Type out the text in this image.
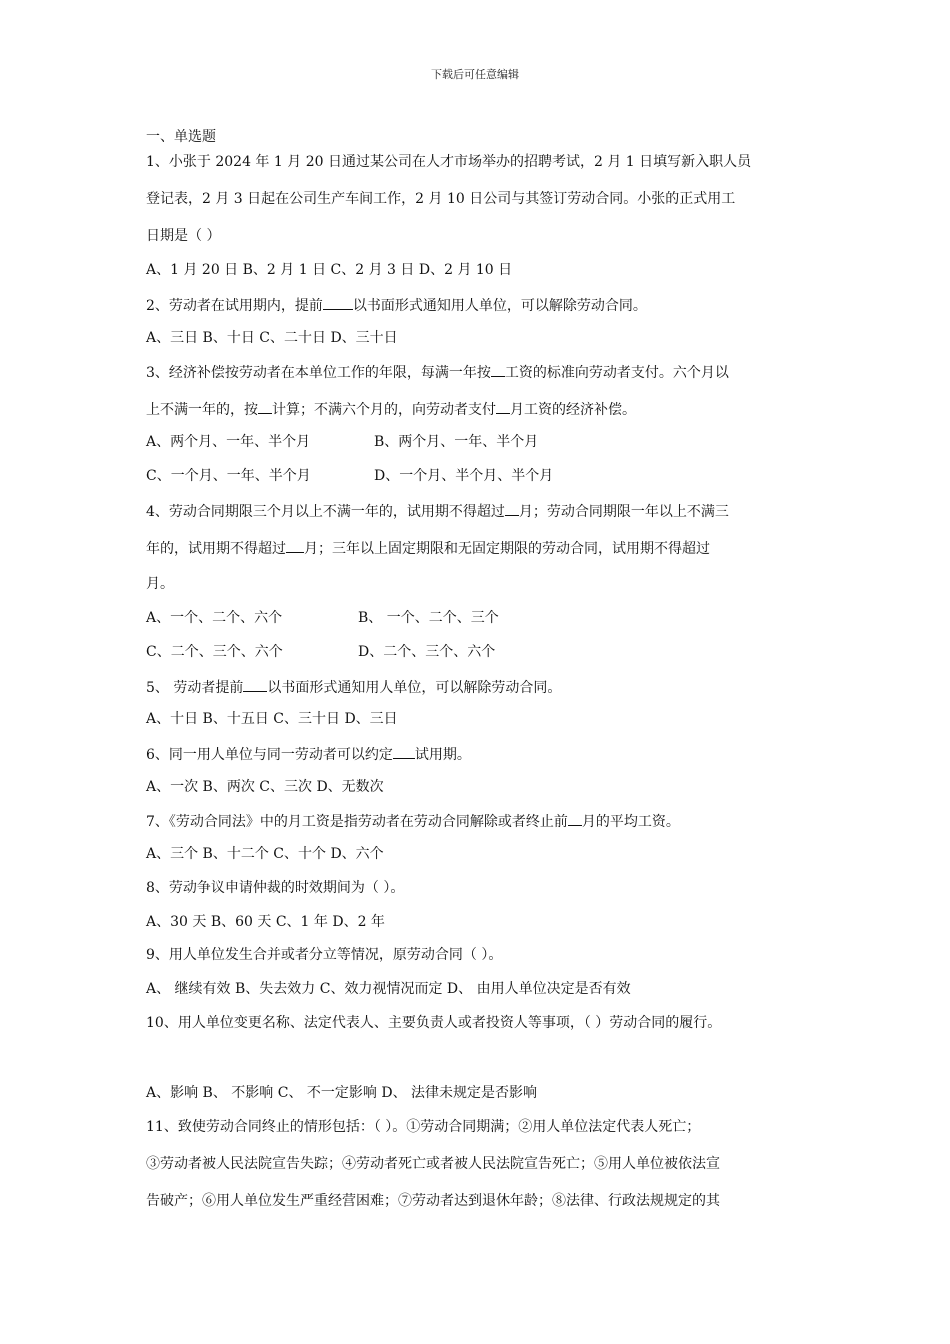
下载后可任意编辑
一、单选题
1、小张于 2024 年 1 月 20 日通过某公司在人才市场举办的招聘考试，2 月 1 日填写新入职人员
登记表，2 月 3 日起在公司生产车间工作，2 月 10 日公司与其签订劳动合同。小张的正式用工
日期是（ ）
A、1 月 20 日 B、2 月 1 日 C、2 月 3 日 D、2 月 10 日
2、劳动者在试用期内，提前 以书面形式通知用人单位，可以解除劳动合同。
A、三日 B、十日 C、二十日 D、三十日
3、经济补偿按劳动者在本单位工作的年限，每满一年按 工资的标准向劳动者支付。六个月以
上不满一年的，按 计算；不满六个月的，向劳动者支付 月工资的经济补偿。
A、两个月、一年、半个月	B、两个月、一年、半个月
C、一个月、一年、半个月	D、一个月、半个月、半个月
4、劳动合同期限三个月以上不满一年的，试用期不得超过 月；劳动合同期限一年以上不满三
年的，试用期不得超过 月；三年以上固定期限和无固定期限的劳动合同，试用期不得超过
月。
A、一个、二个、六个	B、 一个、二个、三个
C、二个、三个、六个	D、二个、三个、六个
5、 劳动者提前 以书面形式通知用人单位，可以解除劳动合同。
A、十日 B、十五日 C、三十日 D、三日
6、同一用人单位与同一劳动者可以约定 试用期。
A、一次 B、两次 C、三次 D、无数次
7、《劳动合同法》中的月工资是指劳动者在劳动合同解除或者终止前 月的平均工资。
A、三个 B、十二个 C、十个 D、六个
8、劳动争议申请仲裁的时效期间为（ ）。
A、30 天 B、60 天 C、1 年 D、2 年
9、用人单位发生合并或者分立等情况，原劳动合同（ ）。
A、 继续有效 B、失去效力 C、效力视情况而定 D、 由用人单位决定是否有效
10、用人单位变更名称、法定代表人、主要负责人或者投资人等事项，（ ）劳动合同的履行。
A、影响 B、 不影响 C、 不一定影响 D、 法律未规定是否影响
11、致使劳动合同终止的情形包括：（ ）。①劳动合同期满；②用人单位法定代表人死亡；
③劳动者被人民法院宣告失踪；④劳动者死亡或者被人民法院宣告死亡；⑤用人单位被依法宣
告破产；⑥用人单位发生严重经营困难；⑦劳动者达到退休年龄；⑧法律、行政法规规定的其
